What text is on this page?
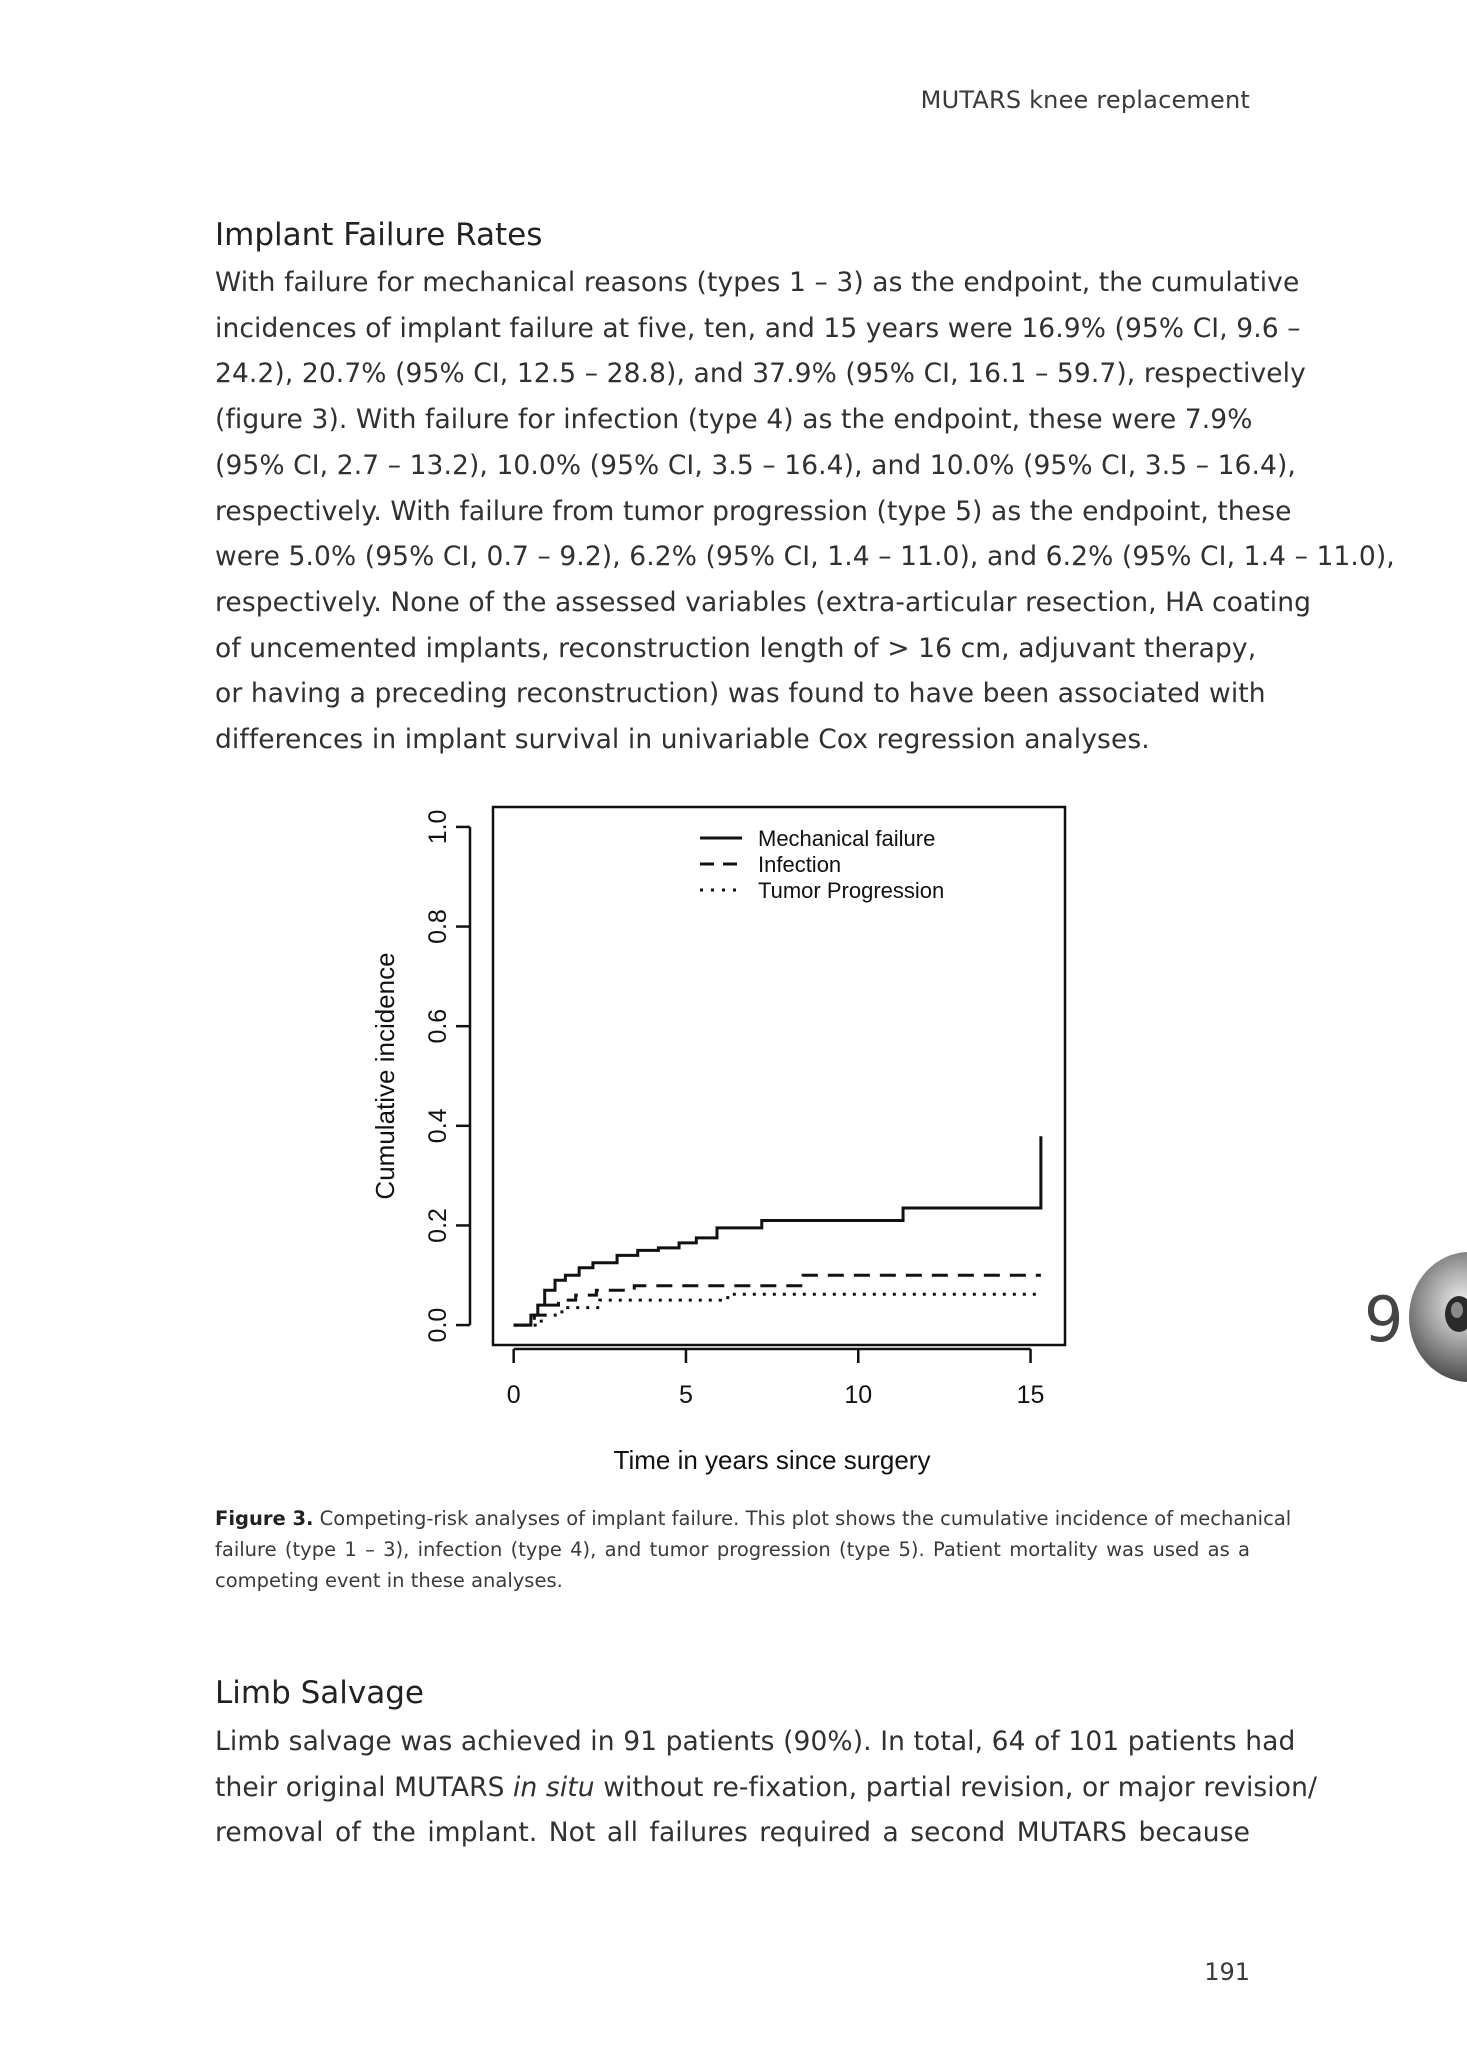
MUTARS knee replacement
Implant Failure Rates
With failure for mechanical reasons (types 1 – 3) as the endpoint, the cumulative
incidences of implant failure at five, ten, and 15 years were 16.9% (95% CI, 9.6 –
24.2), 20.7% (95% CI, 12.5 – 28.8), and 37.9% (95% CI, 16.1 – 59.7), respectively
(figure 3). With failure for infection (type 4) as the endpoint, these were 7.9%
(95% CI, 2.7 – 13.2), 10.0% (95% CI, 3.5 – 16.4), and 10.0% (95% CI, 3.5 – 16.4),
respectively. With failure from tumor progression (type 5) as the endpoint, these
were 5.0% (95% CI, 0.7 – 9.2), 6.2% (95% CI, 1.4 – 11.0), and 6.2% (95% CI, 1.4 – 11.0),
respectively. None of the assessed variables (extra-articular resection, HA coating
of uncemented implants, reconstruction length of > 16 cm, adjuvant therapy,
or having a preceding reconstruction) was found to have been associated with
differences in implant survival in univariable Cox regression analyses.
0.0
0.2
0.4
0.6
0.8
1.0
0	5	10	15
Mechanical failure
Infection
Tumor Progression
Cumulative incidence
Time in years since surgery
Figure 3. Competing-risk analyses of implant failure. This plot shows the cumulative incidence of mechanical
failure (type 1 – 3), infection (type 4), and tumor progression (type 5). Patient mortality was used as a
competing event in these analyses.
Limb Salvage
Limb salvage was achieved in 91 patients (90%). In total, 64 of 101 patients had
their original MUTARS in situ without re-fixation, partial revision, or major revision/
removal of the implant. Not all failures required a second MUTARS because
9
191
